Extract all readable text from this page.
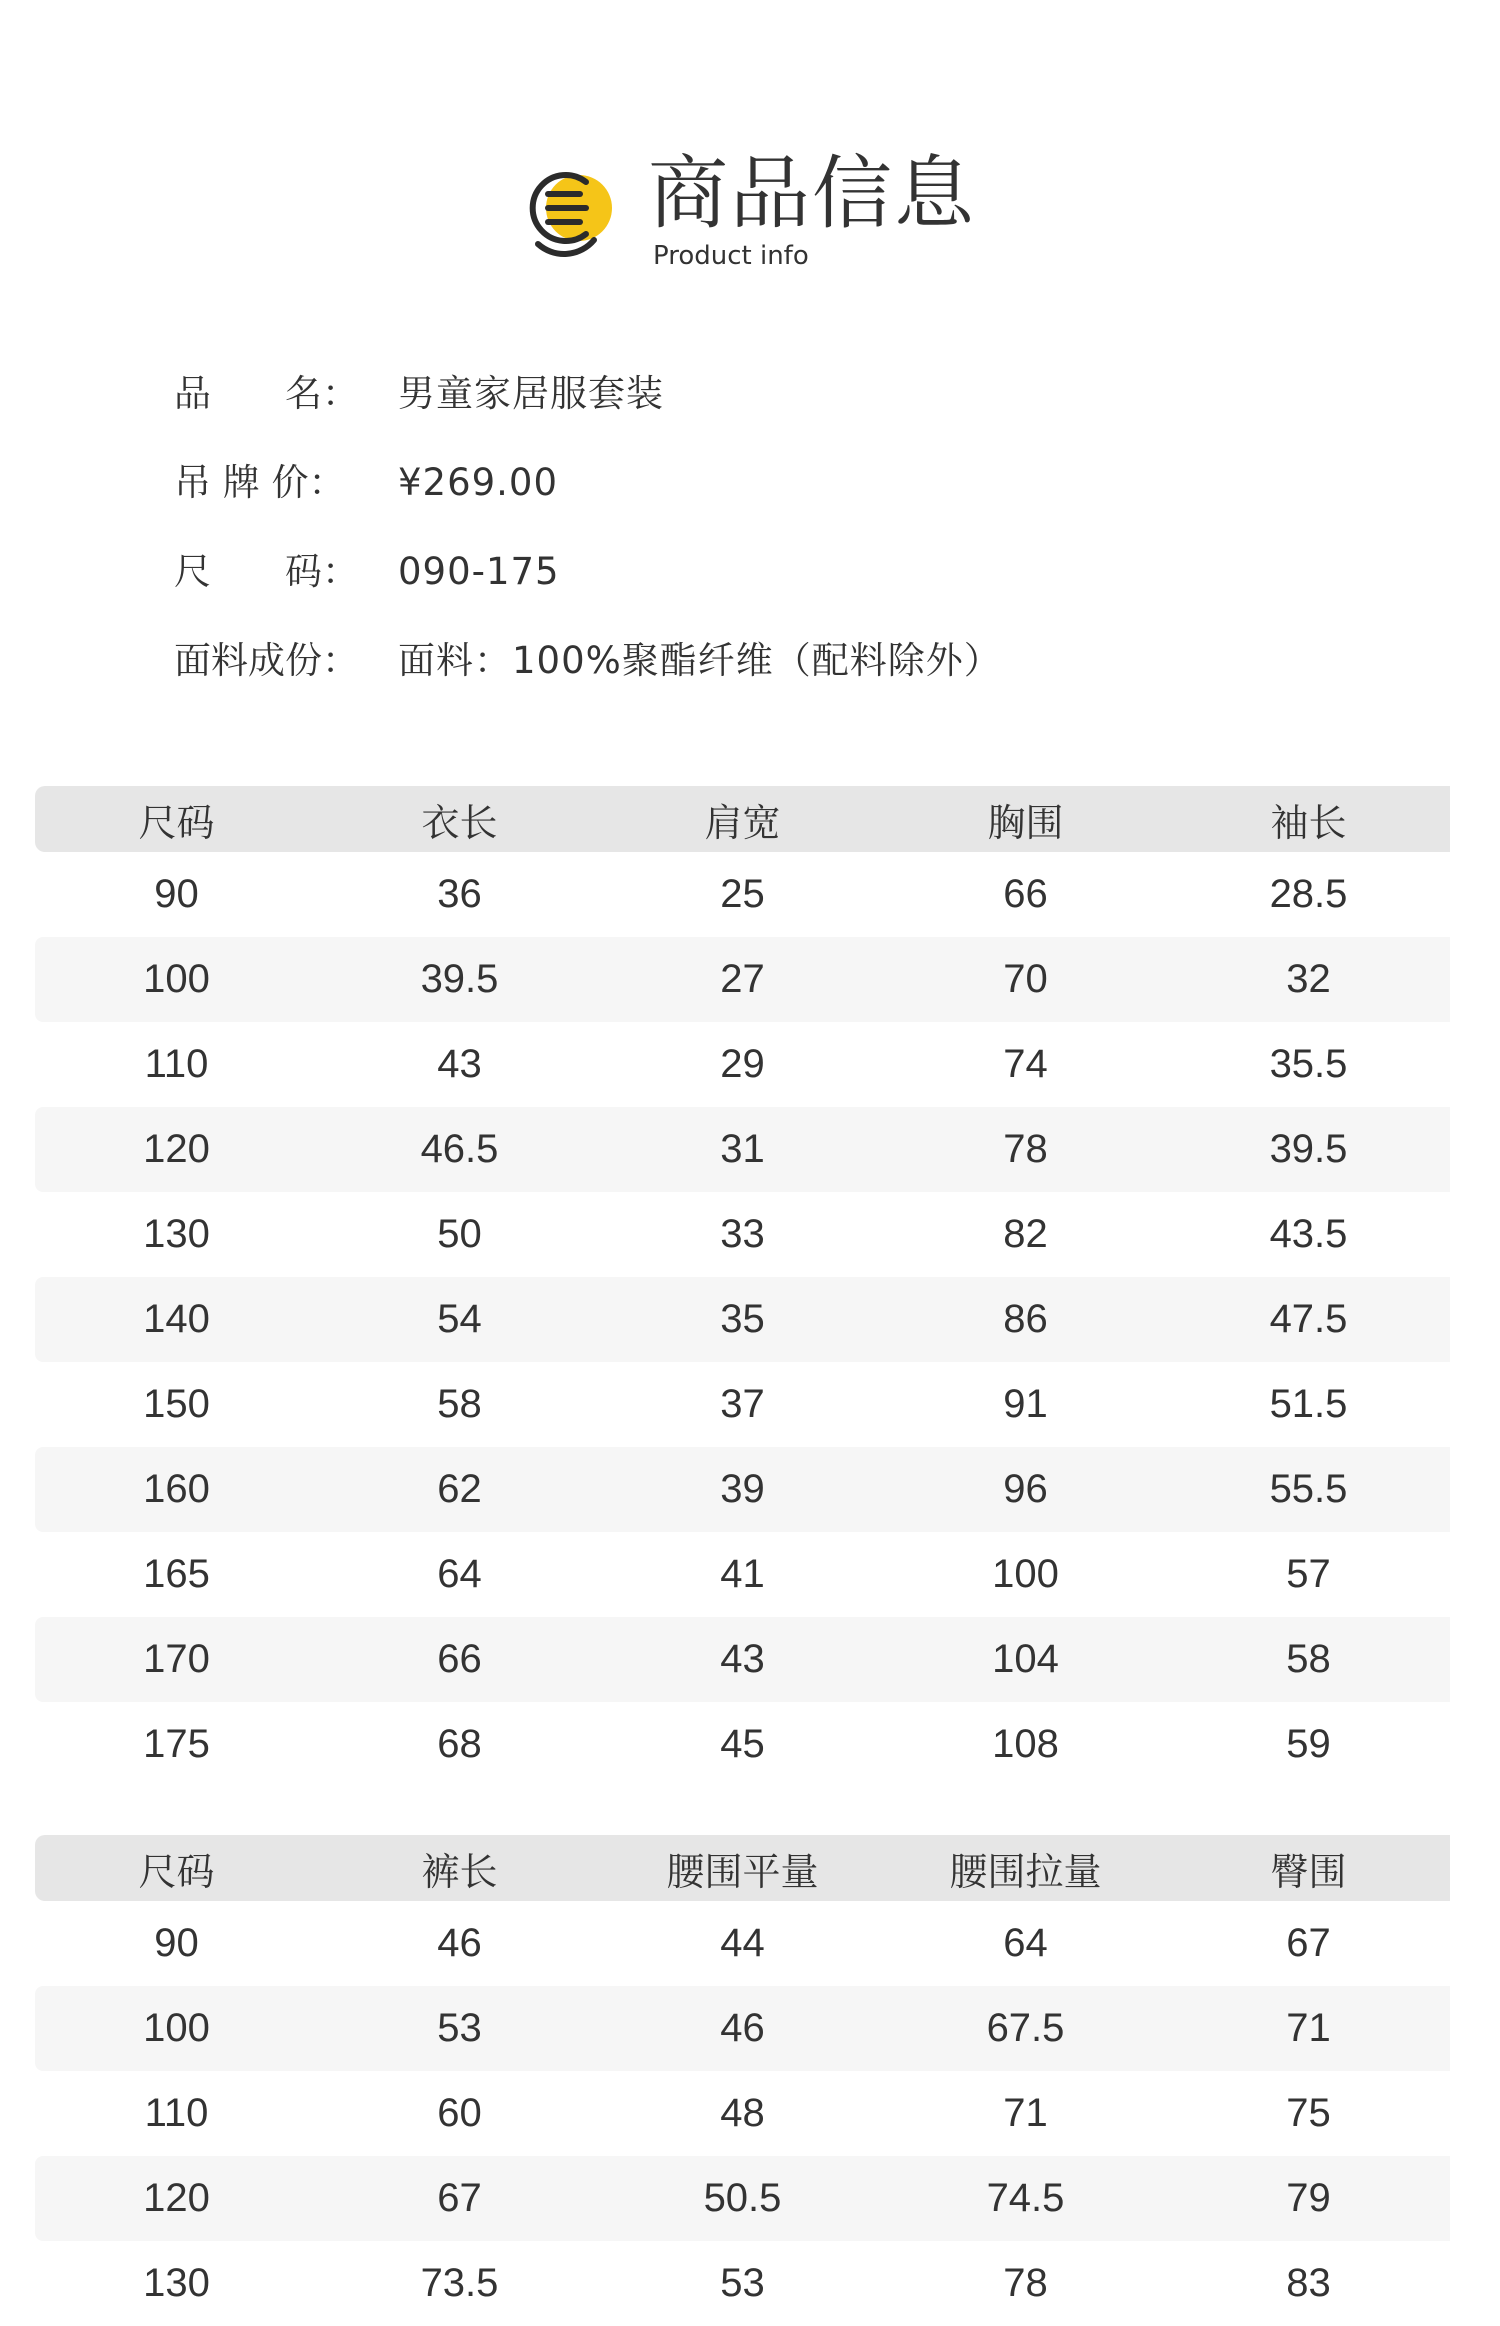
商品信息
Product info
品　　名： 男童家居服套装
吊 牌 价： ¥269.00
尺　　码： 090-175
面料成份： 面料：100%聚酯纤维（配料除外）
尺码	衣长	肩宽	胸围	袖长
90	36	25	66	28.5
100	39.5	27	70	32
110	43	29	74	35.5
120	46.5	31	78	39.5
130	50	33	82	43.5
140	54	35	86	47.5
150	58	37	91	51.5
160	62	39	96	55.5
165	64	41	100	57
170	66	43	104	58
175	68	45	108	59
尺码	裤长	腰围平量	腰围拉量	臀围
90	46	44	64	67
100	53	46	67.5	71
110	60	48	71	75
120	67	50.5	74.5	79
130	73.5	53	78	83
